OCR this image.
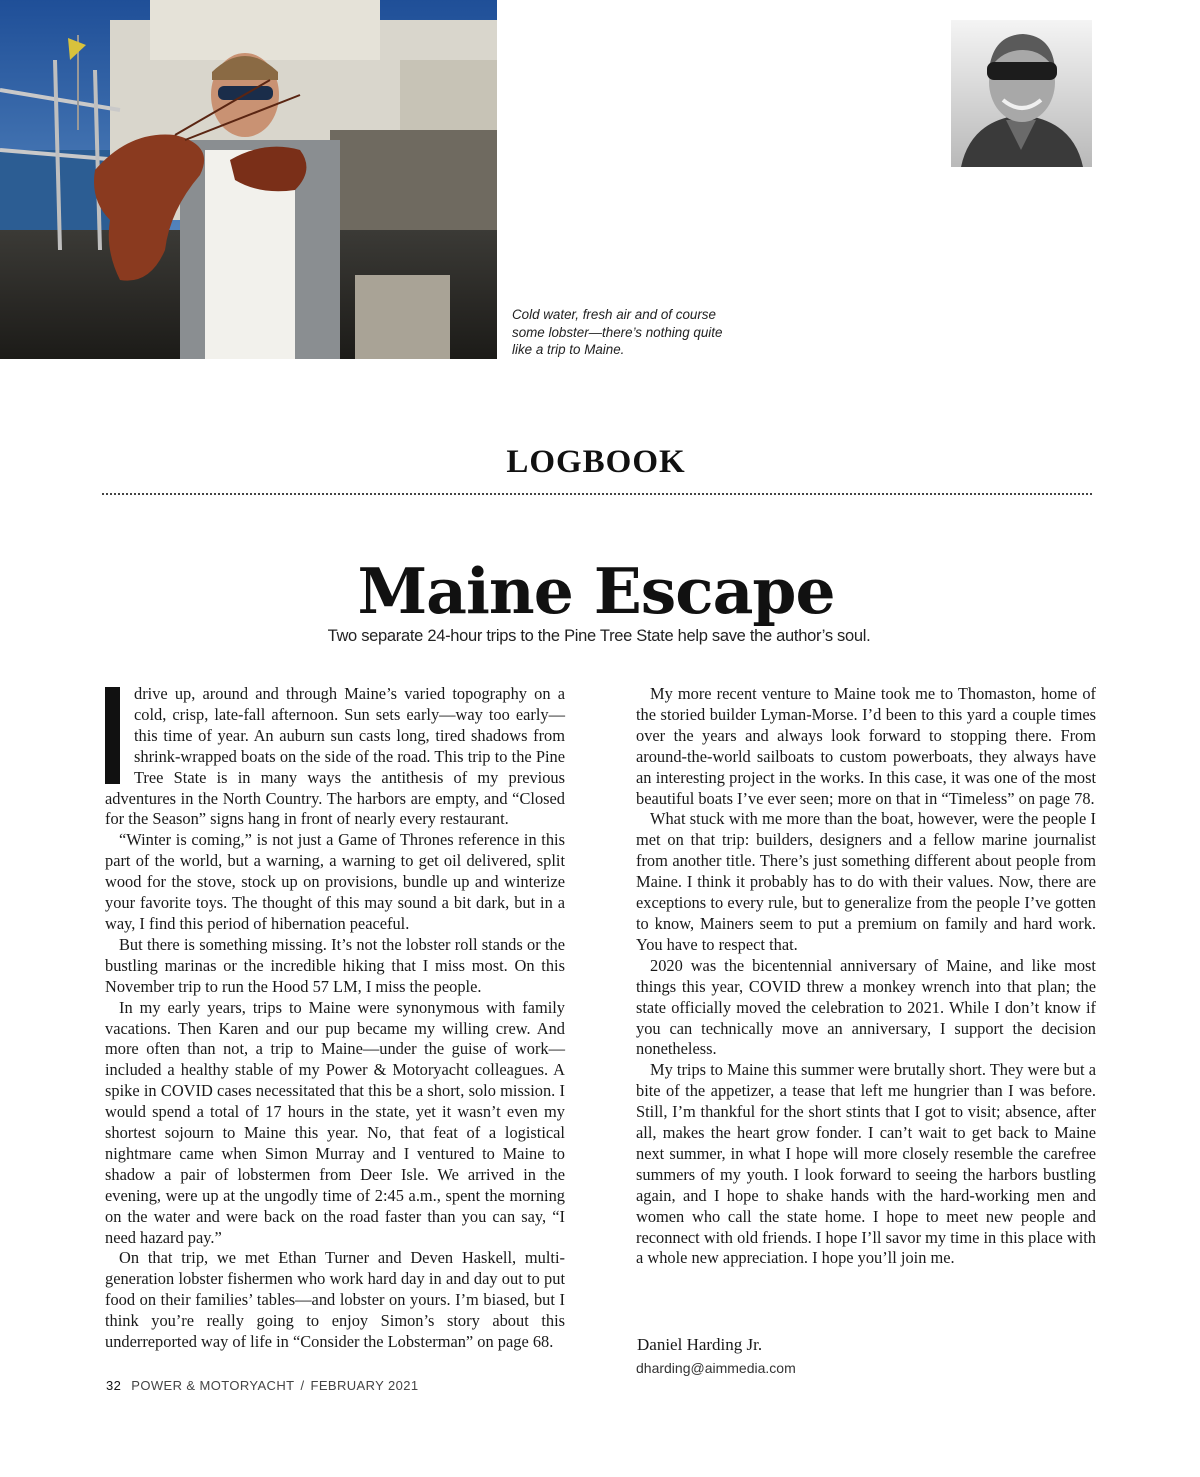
Cold water, fresh air and of course some lobster—there’s nothing quite like a trip to Maine.
LOGBOOK
Maine Escape
Two separate 24-hour trips to the Pine Tree State help save the author’s soul.

drive up, around and through Maine’s varied topography on a cold, crisp, late-fall afternoon. Sun sets early—way too early—this time of year. An auburn sun casts long, tired shadows from shrink-wrapped boats on the side of the road. This trip to the Pine Tree State is in many ways the antithesis of my previous adventures in the North Country. The harbors are empty, and “Closed for the Season” signs hang in front of nearly every restaurant.

“Winter is coming,” is not just a Game of Thrones reference in this part of the world, but a warning, a warning to get oil delivered, split wood for the stove, stock up on provisions, bundle up and winterize your favorite toys. The thought of this may sound a bit dark, but in a way, I find this period of hibernation peaceful.

But there is something missing. It’s not the lobster roll stands or the bustling marinas or the incredible hiking that I miss most. On this November trip to run the Hood 57 LM, I miss the people.

In my early years, trips to Maine were synonymous with family vacations. Then Karen and our pup became my willing crew. And more often than not, a trip to Maine—under the guise of work—included a healthy stable of my Power & Motoryacht colleagues. A spike in COVID cases necessitated that this be a short, solo mission. I would spend a total of 17 hours in the state, yet it wasn’t even my shortest sojourn to Maine this year. No, that feat of a logistical nightmare came when Simon Murray and I ventured to Maine to shadow a pair of lobstermen from Deer Isle. We arrived in the evening, were up at the ungodly time of 2:45 a.m., spent the morning on the water and were back on the road faster than you can say, “I need hazard pay.”

On that trip, we met Ethan Turner and Deven Haskell, multi-generation lobster fishermen who work hard day in and day out to put food on their families’ tables—and lobster on yours. I’m biased, but I think you’re really going to enjoy Simon’s story about this underreported way of life in “Consider the Lobsterman” on page 68.

My more recent venture to Maine took me to Thomaston, home of the storied builder Lyman-Morse. I’d been to this yard a couple times over the years and always look forward to stopping there. From around-the-world sailboats to custom powerboats, they always have an interesting project in the works. In this case, it was one of the most beautiful boats I’ve ever seen; more on that in “Timeless” on page 78.

What stuck with me more than the boat, however, were the people I met on that trip: builders, designers and a fellow marine journalist from another title. There’s just something different about people from Maine. I think it probably has to do with their values. Now, there are exceptions to every rule, but to generalize from the people I’ve gotten to know, Mainers seem to put a premium on family and hard work. You have to respect that.

2020 was the bicentennial anniversary of Maine, and like most things this year, COVID threw a monkey wrench into that plan; the state officially moved the celebration to 2021. While I don’t know if you can technically move an anniversary, I support the decision nonetheless.

My trips to Maine this summer were brutally short. They were but a bite of the appetizer, a tease that left me hungrier than I was before. Still, I’m thankful for the short stints that I got to visit; absence, after all, makes the heart grow fonder. I can’t wait to get back to Maine next summer, in what I hope will more closely resemble the carefree summers of my youth. I look forward to seeing the harbors bustling again, and I hope to shake hands with the hard-working men and women who call the state home. I hope to meet new people and reconnect with old friends. I hope I’ll savor my time in this place with a whole new appreciation. I hope you’ll join me.

Daniel Harding Jr.
dharding@aimmedia.com
32 POWER & MOTORYACHT / FEBRUARY 2021
